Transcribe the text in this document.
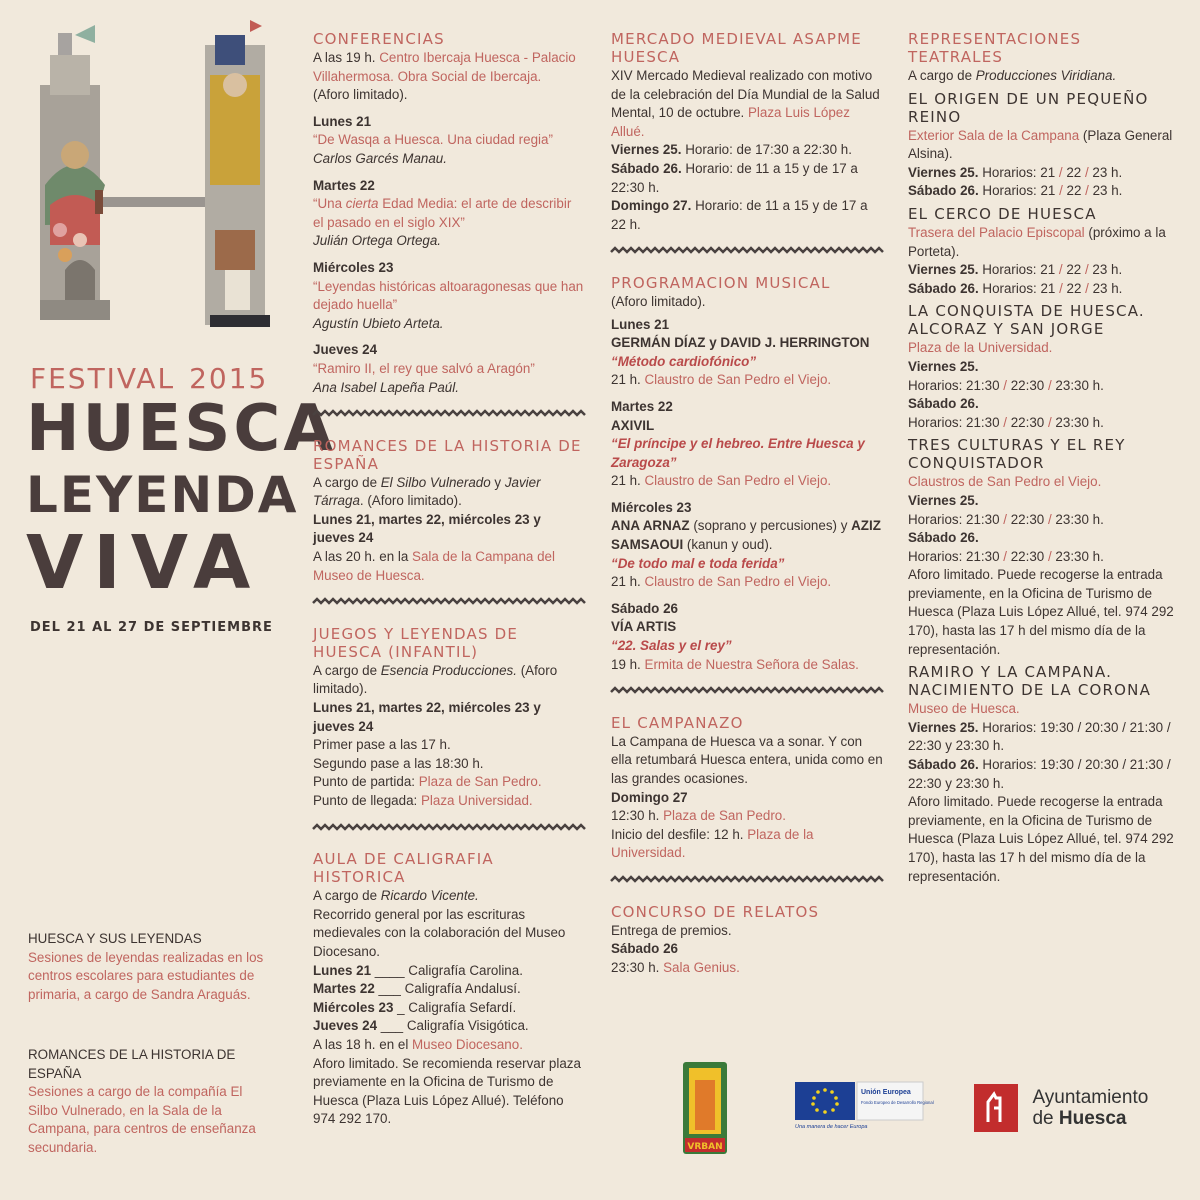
FESTIVAL 2015
HUESCA
LEYENDA
VIVA
DEL 21 AL 27 DE SEPTIEMBRE
HUESCA Y SUS LEYENDAS
Sesiones de leyendas realizadas en los centros escolares para estudiantes de primaria, a cargo de Sandra Araguás.
ROMANCES DE LA HISTORIA DE ESPAÑA
Sesiones a cargo de la compañía El Silbo Vulnerado, en la Sala de la Campana, para centros de enseñanza secundaria.
CONFERENCIAS
A las 19 h. Centro Ibercaja Huesca - Palacio Villahermosa. Obra Social de Ibercaja.
(Aforo limitado).
Lunes 21
“De Wasqa a Huesca. Una ciudad regia”
Carlos Garcés Manau.
Martes 22
“Una cierta Edad Media: el arte de describir el pasado en el siglo XIX”
Julián Ortega Ortega.
Miércoles 23
“Leyendas históricas altoaragonesas que han dejado huella”
Agustín Ubieto Arteta.
Jueves 24
“Ramiro II, el rey que salvó a Aragón”
Ana Isabel Lapeña Paúl.
ROMANCES DE LA HISTORIA DE ESPAÑA
A cargo de El Silbo Vulnerado y Javier Tárraga. (Aforo limitado).
Lunes 21, martes 22, miércoles 23 y jueves 24
A las 20 h. en la Sala de la Campana del Museo de Huesca.
JUEGOS Y LEYENDAS DE HUESCA (INFANTIL)
A cargo de Esencia Producciones. (Aforo limitado).
Lunes 21, martes 22, miércoles 23 y jueves 24
Primer pase a las 17 h.
Segundo pase a las 18:30 h.
Punto de partida: Plaza de San Pedro.
Punto de llegada: Plaza Universidad.
AULA DE CALIGRAFIA HISTORICA
A cargo de Ricardo Vicente.
Recorrido general por las escrituras medievales con la colaboración del Museo Diocesano.
Lunes 21 ____ Caligrafía Carolina.
Martes 22 ___ Caligrafía Andalusí.
Miércoles 23 _ Caligrafía Sefardí.
Jueves 24 ___ Caligrafía Visigótica.
A las 18 h. en el Museo Diocesano.
Aforo limitado. Se recomienda reservar plaza previamente en la Oficina de Turismo de Huesca (Plaza Luis López Allué). Teléfono 974 292 170.
MERCADO MEDIEVAL ASAPME HUESCA
XIV Mercado Medieval realizado con motivo de la celebración del Día Mundial de la Salud Mental, 10 de octubre. Plaza Luis López Allué.
Viernes 25. Horario: de 17:30 a 22:30 h.
Sábado 26. Horario: de 11 a 15 y de 17 a 22:30 h.
Domingo 27. Horario: de 11 a 15 y de 17 a 22 h.
PROGRAMACION MUSICAL
(Aforo limitado).
Lunes 21
GERMÁN DÍAZ y DAVID J. HERRINGTON
“Método cardiofónico”
21 h. Claustro de San Pedro el Viejo.
Martes 22
AXIVIL
“El príncipe y el hebreo. Entre Huesca y Zaragoza”
21 h. Claustro de San Pedro el Viejo.
Miércoles 23
ANA ARNAZ (soprano y percusiones) y AZIZ SAMSAOUI (kanun y oud).
“De todo mal e toda ferida”
21 h. Claustro de San Pedro el Viejo.
Sábado 26
VÍA ARTIS
“22. Salas y el rey”
19 h. Ermita de Nuestra Señora de Salas.
EL CAMPANAZO
La Campana de Huesca va a sonar. Y con ella retumbará Huesca entera, unida como en las grandes ocasiones.
Domingo 27
12:30 h. Plaza de San Pedro.
Inicio del desfile: 12 h. Plaza de la Universidad.
CONCURSO DE RELATOS
Entrega de premios.
Sábado 26
23:30 h. Sala Genius.
REPRESENTACIONES TEATRALES
A cargo de Producciones Viridiana.
EL ORIGEN DE UN PEQUEÑO REINO
Exterior Sala de la Campana (Plaza General Alsina).
Viernes 25. Horarios: 21 / 22 / 23 h.
Sábado 26. Horarios: 21 / 22 / 23 h.
EL CERCO DE HUESCA
Trasera del Palacio Episcopal (próximo a la Porteta).
Viernes 25. Horarios: 21 / 22 / 23 h.
Sábado 26. Horarios: 21 / 22 / 23 h.
LA CONQUISTA DE HUESCA. ALCORAZ Y SAN JORGE
Plaza de la Universidad.
Viernes 25.
Horarios: 21:30 / 22:30 / 23:30 h.
Sábado 26.
Horarios: 21:30 / 22:30 / 23:30 h.
TRES CULTURAS Y EL REY CONQUISTADOR
Claustros de San Pedro el Viejo.
Viernes 25.
Horarios: 21:30 / 22:30 / 23:30 h.
Sábado 26.
Horarios: 21:30 / 22:30 / 23:30 h.
Aforo limitado. Puede recogerse la entrada previamente, en la Oficina de Turismo de Huesca (Plaza Luis López Allué, tel. 974 292 170), hasta las 17 h del mismo día de la representación.
RAMIRO Y LA CAMPANA. NACIMIENTO DE LA CORONA
Museo de Huesca.
Viernes 25. Horarios: 19:30 / 20:30 / 21:30 / 22:30 y 23:30 h.
Sábado 26. Horarios: 19:30 / 20:30 / 21:30 / 22:30 y 23:30 h.
Aforo limitado. Puede recogerse la entrada previamente, en la Oficina de Turismo de Huesca (Plaza Luis López Allué, tel. 974 292 170), hasta las 17 h del mismo día de la representación.
VRBAN
Unión Europea
Fondo Europeo de Desarrollo Regional
Una manera de hacer Europa
Ayuntamiento
de Huesca
